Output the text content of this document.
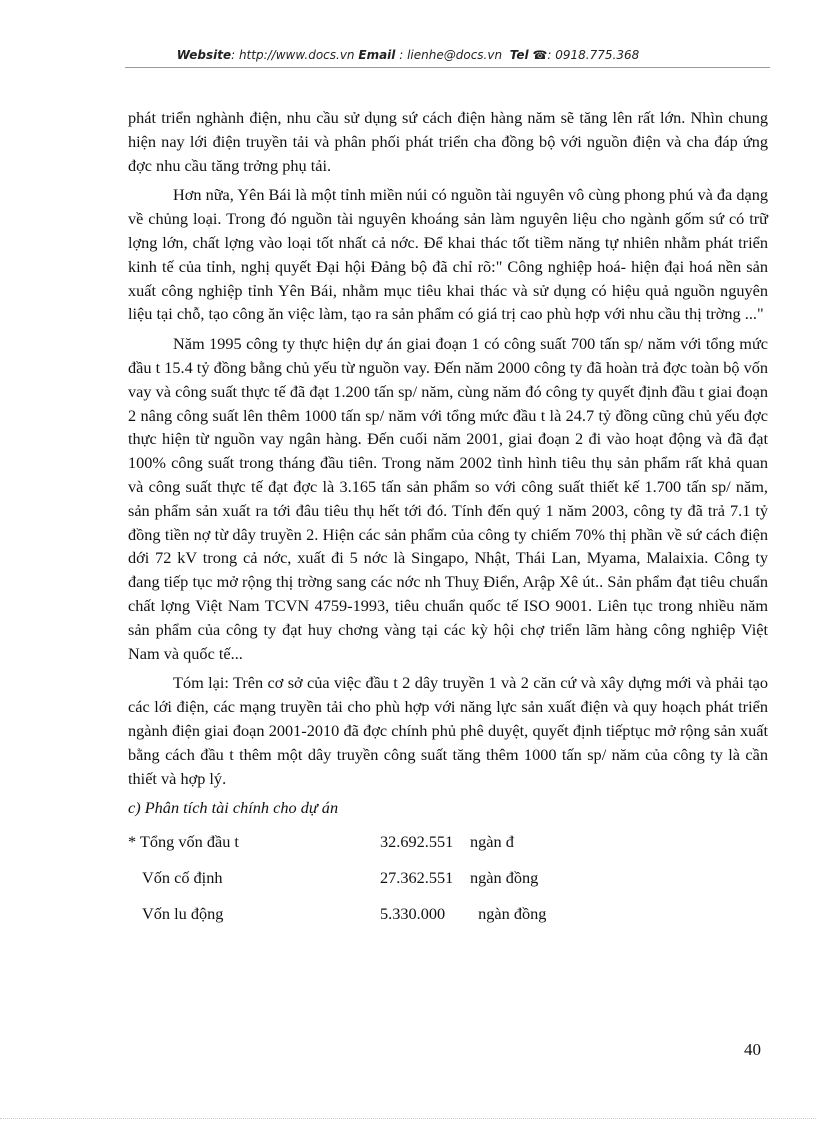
Website: http://www.docs.vn Email : lienhe@docs.vn Tel ☎: 0918.775.368

phát triển nghành điện, nhu cầu sử dụng sứ cách điện hàng năm sẽ tăng lên rất lớn. Nhìn chung hiện nay lới điện truyền tải và phân phối phát triển cha đồng bộ với nguồn điện và cha đáp ứng đợc nhu cầu tăng trởng phụ tải.

Hơn nữa, Yên Bái là một tỉnh miền núi có nguồn tài nguyên vô cùng phong phú và đa dạng về chủng loại. Trong đó nguồn tài nguyên khoáng sản làm nguyên liệu cho ngành gốm sứ có trữ lợng lớn, chất lợng vào loại tốt nhất cả nớc. Để khai thác tốt tiềm năng tự nhiên nhằm phát triển kinh tế của tỉnh, nghị quyết Đại hội Đảng bộ đã chỉ rõ:" Công nghiệp hoá- hiện đại hoá nền sản xuất công nghiệp tỉnh Yên Bái, nhằm mục tiêu khai thác và sử dụng có hiệu quả nguồn nguyên liệu tại chỗ, tạo công ăn việc làm, tạo ra sản phẩm có giá trị cao phù hợp với nhu cầu thị trờng ..."

Năm 1995 công ty thực hiện dự án giai đoạn 1 có công suất 700 tấn sp/ năm với tổng mức đầu t 15.4 tỷ đồng bằng chủ yếu từ nguồn vay. Đến năm 2000 công ty đã hoàn trả đợc toàn bộ vốn vay và công suất thực tế đã đạt 1.200 tấn sp/ năm, cùng năm đó công ty quyết định đầu t giai đoạn 2 nâng công suất lên thêm 1000 tấn sp/ năm với tổng mức đầu t là 24.7 tỷ đồng cũng chủ yếu đợc thực hiện từ nguồn vay ngân hàng. Đến cuối năm 2001, giai đoạn 2 đi vào hoạt động và đã đạt 100% công suất trong tháng đầu tiên. Trong năm 2002 tình hình tiêu thụ sản phẩm rất khả quan và công suất thực tế đạt đợc là 3.165 tấn sản phẩm so với công suất thiết kế 1.700 tấn sp/ năm, sản phẩm sản xuất ra tới đâu tiêu thụ hết tới đó. Tính đến quý 1 năm 2003, công ty đã trả 7.1 tỷ đồng tiền nợ từ dây truyền 2. Hiện các sản phẩm của công ty chiếm 70% thị phần về sứ cách điện dới 72 kV trong cả nớc, xuất đi 5 nớc là Singapo, Nhật, Thái Lan, Myama, Malaixia. Công ty đang tiếp tục mở rộng thị trờng sang các nớc nh Thuỵ Điển, Arập Xê út.. Sản phẩm đạt tiêu chuẩn chất lợng Việt Nam TCVN 4759-1993, tiêu chuẩn quốc tế ISO 9001. Liên tục trong nhiều năm sản phẩm của công ty đạt huy chơng vàng tại các kỳ hội chợ triển lãm hàng công nghiệp Việt Nam và quốc tế...

Tóm lại: Trên cơ sở của việc đầu t 2 dây truyền 1 và 2 căn cứ và xây dựng mới và phải tạo các lới điện, các mạng truyền tải cho phù hợp với năng lực sản xuất điện và quy hoạch phát triển ngành điện giai đoạn 2001-2010 đã đợc chính phủ phê duyệt, quyết định tiếptục mở rộng sản xuất bằng cách đầu t thêm một dây truyền công suất tăng thêm 1000 tấn sp/ năm của công ty là cần thiết và hợp lý.

c) Phân tích tài chính cho dự án

* Tổng vốn đầu t	32.692.551	ngàn đ
Vốn cố định	27.362.551	ngàn đồng
Vốn lu động	5.330.000	ngàn đồng
40
